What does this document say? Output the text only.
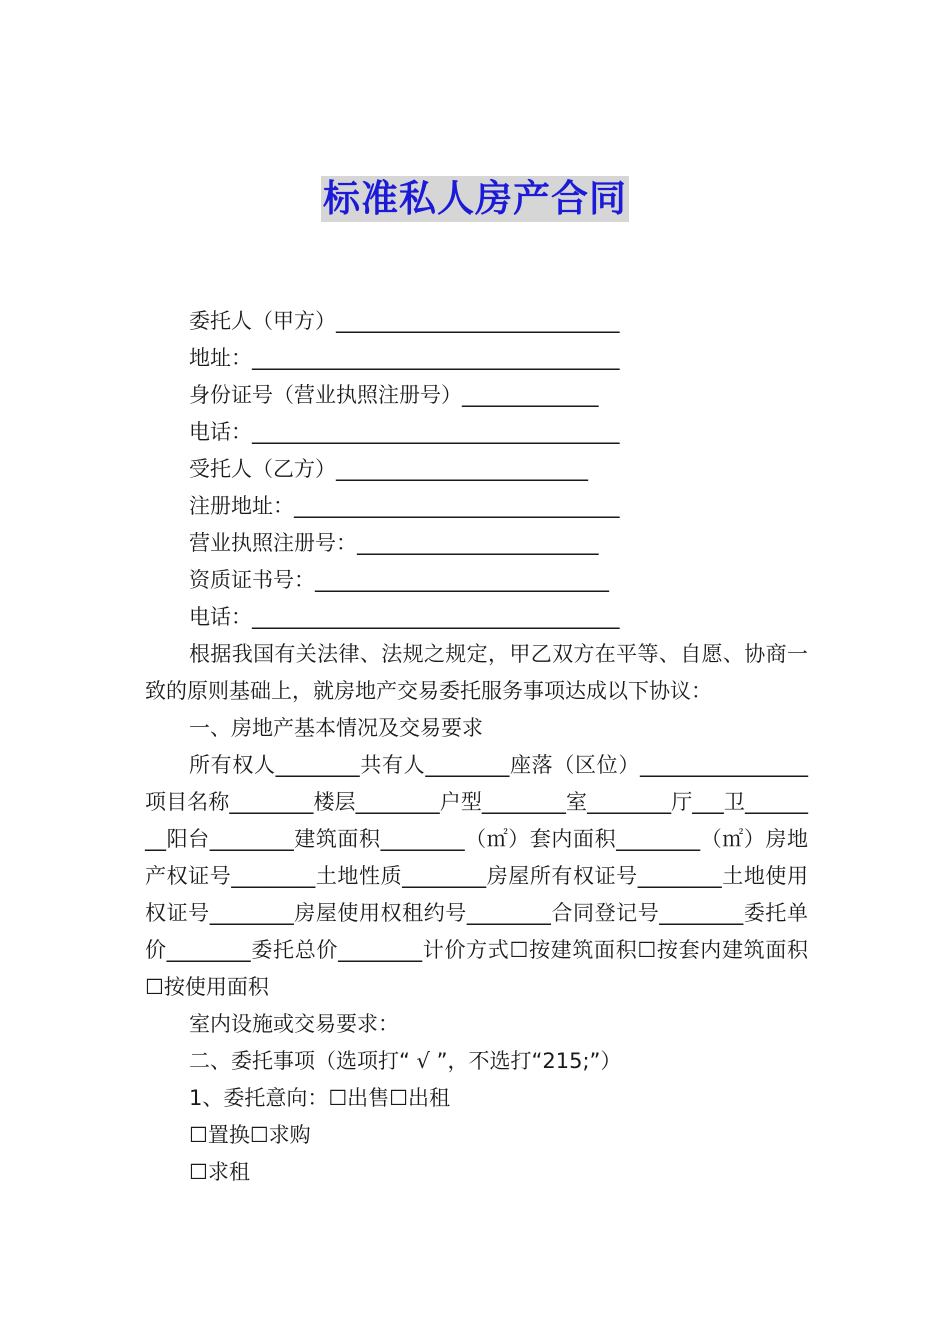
标准私人房产合同
委托人（甲方）___________________________
地址：___________________________________
身份证号（营业执照注册号）_____________
电话：___________________________________
受托人（乙方）________________________
注册地址：_______________________________
营业执照注册号：_______________________
资质证书号：____________________________
电话：___________________________________
根据我国有关法律、法规之规定，甲乙双方在平等、自愿、协商一致的原则基础上，就房地产交易委托服务事项达成以下协议：
一、房地产基本情况及交易要求
所有权人________共有人________座落（区位）________________项目名称________楼层________户型________室________厅___卫________阳台________建筑面积________（㎡）套内面积________（㎡）房地产权证号________土地性质________房屋所有权证号________土地使用权证号________房屋使用权租约号________合同登记号________委托单价________委托总价________计价方式☐按建筑面积☐按套内建筑面积☐按使用面积
室内设施或交易要求：
二、委托事项（选项打“ √ ”，不选打“215;”）
1、委托意向：☐出售☐出租
☐置换☐求购
☐求租
